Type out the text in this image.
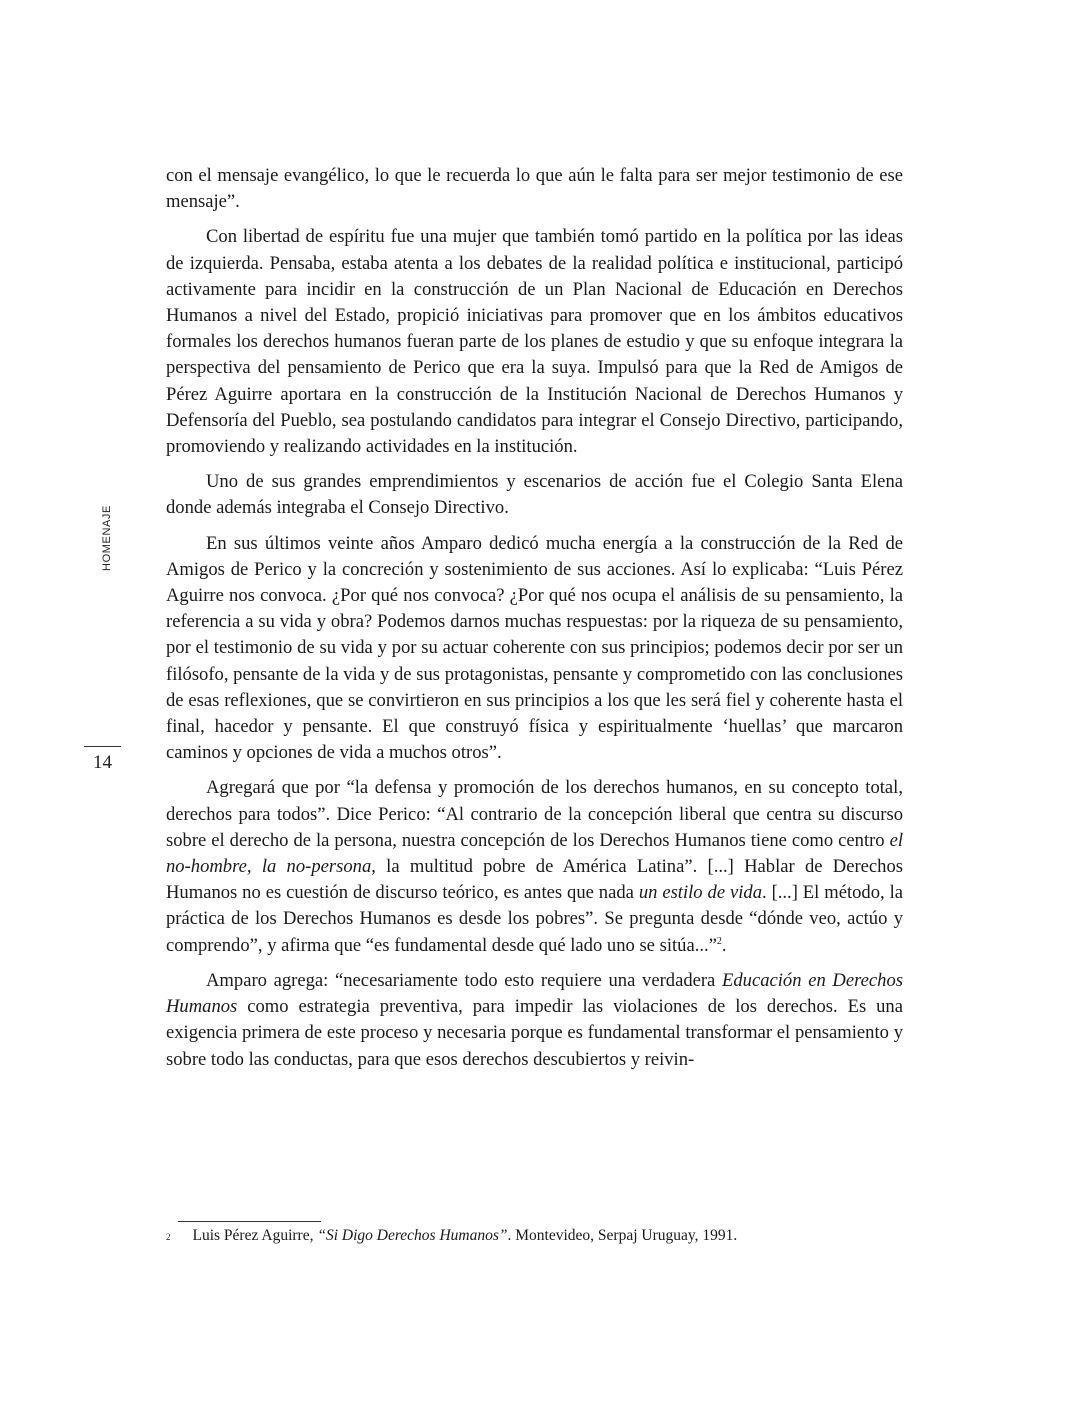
HOMENAJE
14

con el mensaje evangélico, lo que le recuerda lo que aún le falta para ser mejor testimonio de ese mensaje”.

Con libertad de espíritu fue una mujer que también tomó partido en la política por las ideas de izquierda. Pensaba, estaba atenta a los debates de la realidad política e institucional, participó activamente para incidir en la construcción de un Plan Nacional de Educación en Derechos Humanos a nivel del Estado, propició iniciativas para promover que en los ámbitos educativos formales los derechos humanos fueran parte de los planes de estudio y que su enfoque integrara la perspectiva del pensamiento de Perico que era la suya. Impulsó para que la Red de Amigos de Pérez Aguirre aportara en la construcción de la Institución Nacional de Derechos Humanos y Defensoría del Pueblo, sea postulando candidatos para integrar el Consejo Directivo, participando, promoviendo y realizando actividades en la institución.

Uno de sus grandes emprendimientos y escenarios de acción fue el Colegio Santa Elena donde además integraba el Consejo Directivo.

En sus últimos veinte años Amparo dedicó mucha energía a la construcción de la Red de Amigos de Perico y la concreción y sostenimiento de sus acciones. Así lo explicaba: “Luis Pérez Aguirre nos convoca. ¿Por qué nos convoca? ¿Por qué nos ocupa el análisis de su pensamiento, la referencia a su vida y obra? Podemos darnos muchas respuestas: por la riqueza de su pensamiento, por el testimonio de su vida y por su actuar coherente con sus principios; podemos decir por ser un filósofo, pensante de la vida y de sus protagonistas, pensante y comprometido con las conclusiones de esas reflexiones, que se convirtieron en sus principios a los que les será fiel y coherente hasta el final, hacedor y pensante. El que construyó física y espiritualmente ‘huellas’ que marcaron caminos y opciones de vida a muchos otros”.

Agregará que por “la defensa y promoción de los derechos humanos, en su concepto total, derechos para todos”. Dice Perico: “Al contrario de la concepción liberal que centra su discurso sobre el derecho de la persona, nuestra concepción de los Derechos Humanos tiene como centro el no-hombre, la no-persona, la multitud pobre de América Latina”. [...] Hablar de Derechos Humanos no es cuestión de discurso teórico, es antes que nada un estilo de vida. [...] El método, la práctica de los Derechos Humanos es desde los pobres”. Se pregunta desde “dónde veo, actúo y comprendo”, y afirma que “es fundamental desde qué lado uno se sitúa...”$^2$.

Amparo agrega: “necesariamente todo esto requiere una verdadera Educación en Derechos Humanos como estrategia preventiva, para impedir las violaciones de los derechos. Es una exigencia primera de este proceso y necesaria porque es fundamental transformar el pensamiento y sobre todo las conductas, para que esos derechos descubiertos y reivin-

$^2$ Luis Pérez Aguirre, “Si Digo Derechos Humanos”. Montevideo, Serpaj Uruguay, 1991.
